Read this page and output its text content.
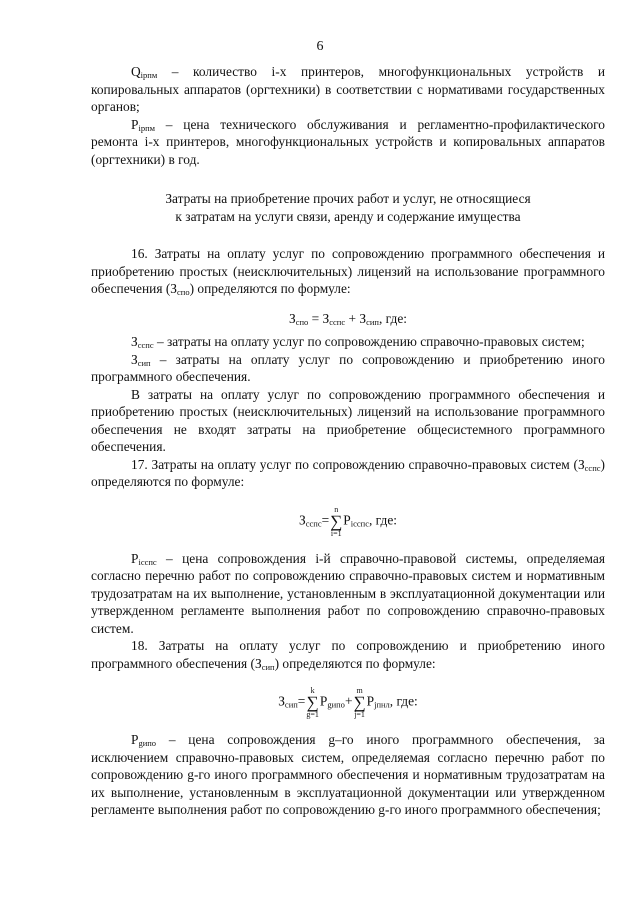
6

$Q_{iрпм}$ – количество i-х принтеров, многофункциональных устройств и копировальных аппаратов (оргтехники) в соответствии с нормативами государственных органов;

$P_{iрпм}$ – цена технического обслуживания и регламентно-профилактического ремонта i-х принтеров, многофункциональных устройств и копировальных аппаратов (оргтехники) в год.

Затраты на приобретение прочих работ и услуг, не относящиеся
к затратам на услуги связи, аренду и содержание имущества

16. Затраты на оплату услуг по сопровождению программного обеспечения и приобретению простых (неисключительных) лицензий на использование программного обеспечения $(З_{спо})$ определяются по формуле:

$З_{спо} = З_{сспс} + З_{сип}$, где:

$З_{сспс}$ – затраты на оплату услуг по сопровождению справочно-правовых систем;

$З_{сип}$ – затраты на оплату услуг по сопровождению и приобретению иного программного обеспечения.

В затраты на оплату услуг по сопровождению программного обеспечения и приобретению простых (неисключительных) лицензий на использование программного обеспечения не входят затраты на приобретение общесистемного программного обеспечения.

17. Затраты на оплату услуг по сопровождению справочно-правовых систем $(З_{сспс})$ определяются по формуле:

$З_{сспс}=$
n
∑
i=1
$P_{iсспс}$, где:

$P_{iсспс}$ – цена сопровождения i-й справочно-правовой системы, определяемая согласно перечню работ по сопровождению справочно-правовых систем и нормативным трудозатратам на их выполнение, установленным в эксплуатационной документации или утвержденном регламенте выполнения работ по сопровождению справочно-правовых систем.

18. Затраты на оплату услуг по сопровождению и приобретению иного программного обеспечения $(З_{сип})$ определяются по формуле:

$З_{сип}=$
k
∑
g=1
$P_{gипо}+$
m
∑
j=1
$P_{jпнл}$, где:

$P_{gипо}$ – цена сопровождения g–го иного программного обеспечения, за исключением справочно-правовых систем, определяемая согласно перечню работ по сопровождению g-го иного программного обеспечения и нормативным трудозатратам на их выполнение, установленным в эксплуатационной документации или утвержденном регламенте выполнения работ по сопровождению g-го иного программного обеспечения;
